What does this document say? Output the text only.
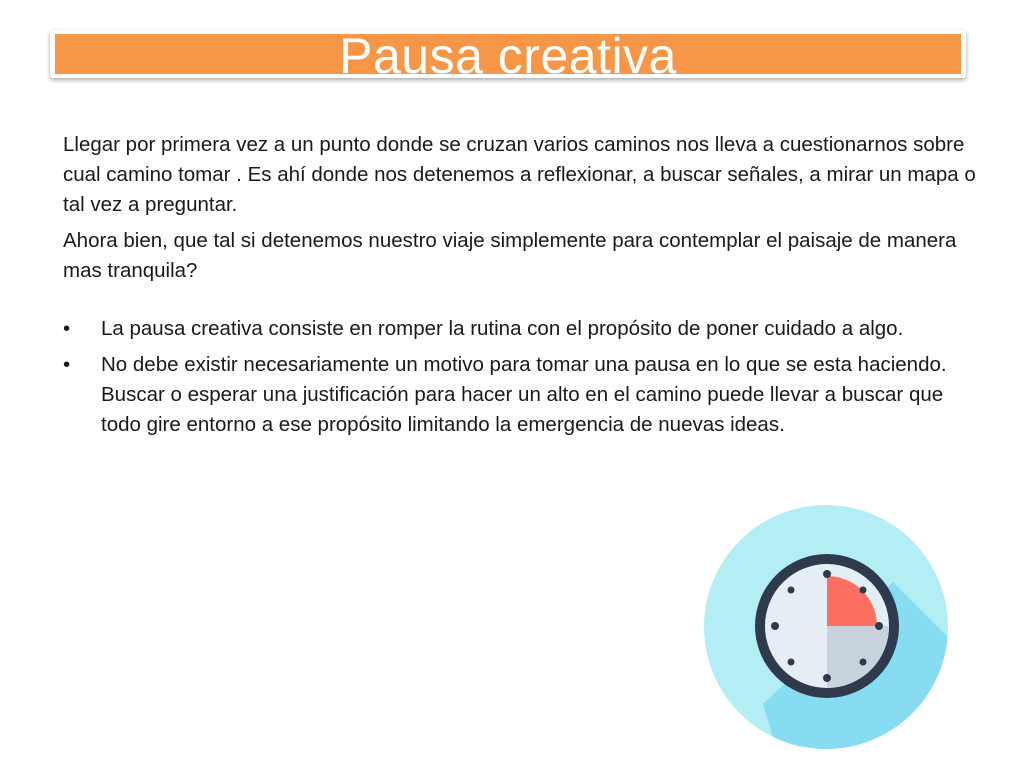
Pausa creativa

Llegar por primera vez a un punto donde se cruzan varios caminos nos lleva a cuestionarnos sobre cual camino tomar . Es ahí donde nos detenemos a reflexionar, a buscar señales, a mirar un mapa o tal vez a preguntar.

Ahora bien, que tal si detenemos nuestro viaje simplemente para contemplar el paisaje de manera mas tranquila?

• La pausa creativa consiste en romper la rutina con el propósito de poner cuidado a algo.
• No debe existir necesariamente un motivo para tomar una pausa en lo que se esta haciendo. Buscar o esperar una justificación para hacer un alto en el camino puede llevar a buscar que todo gire entorno a ese propósito limitando la emergencia de nuevas ideas.
